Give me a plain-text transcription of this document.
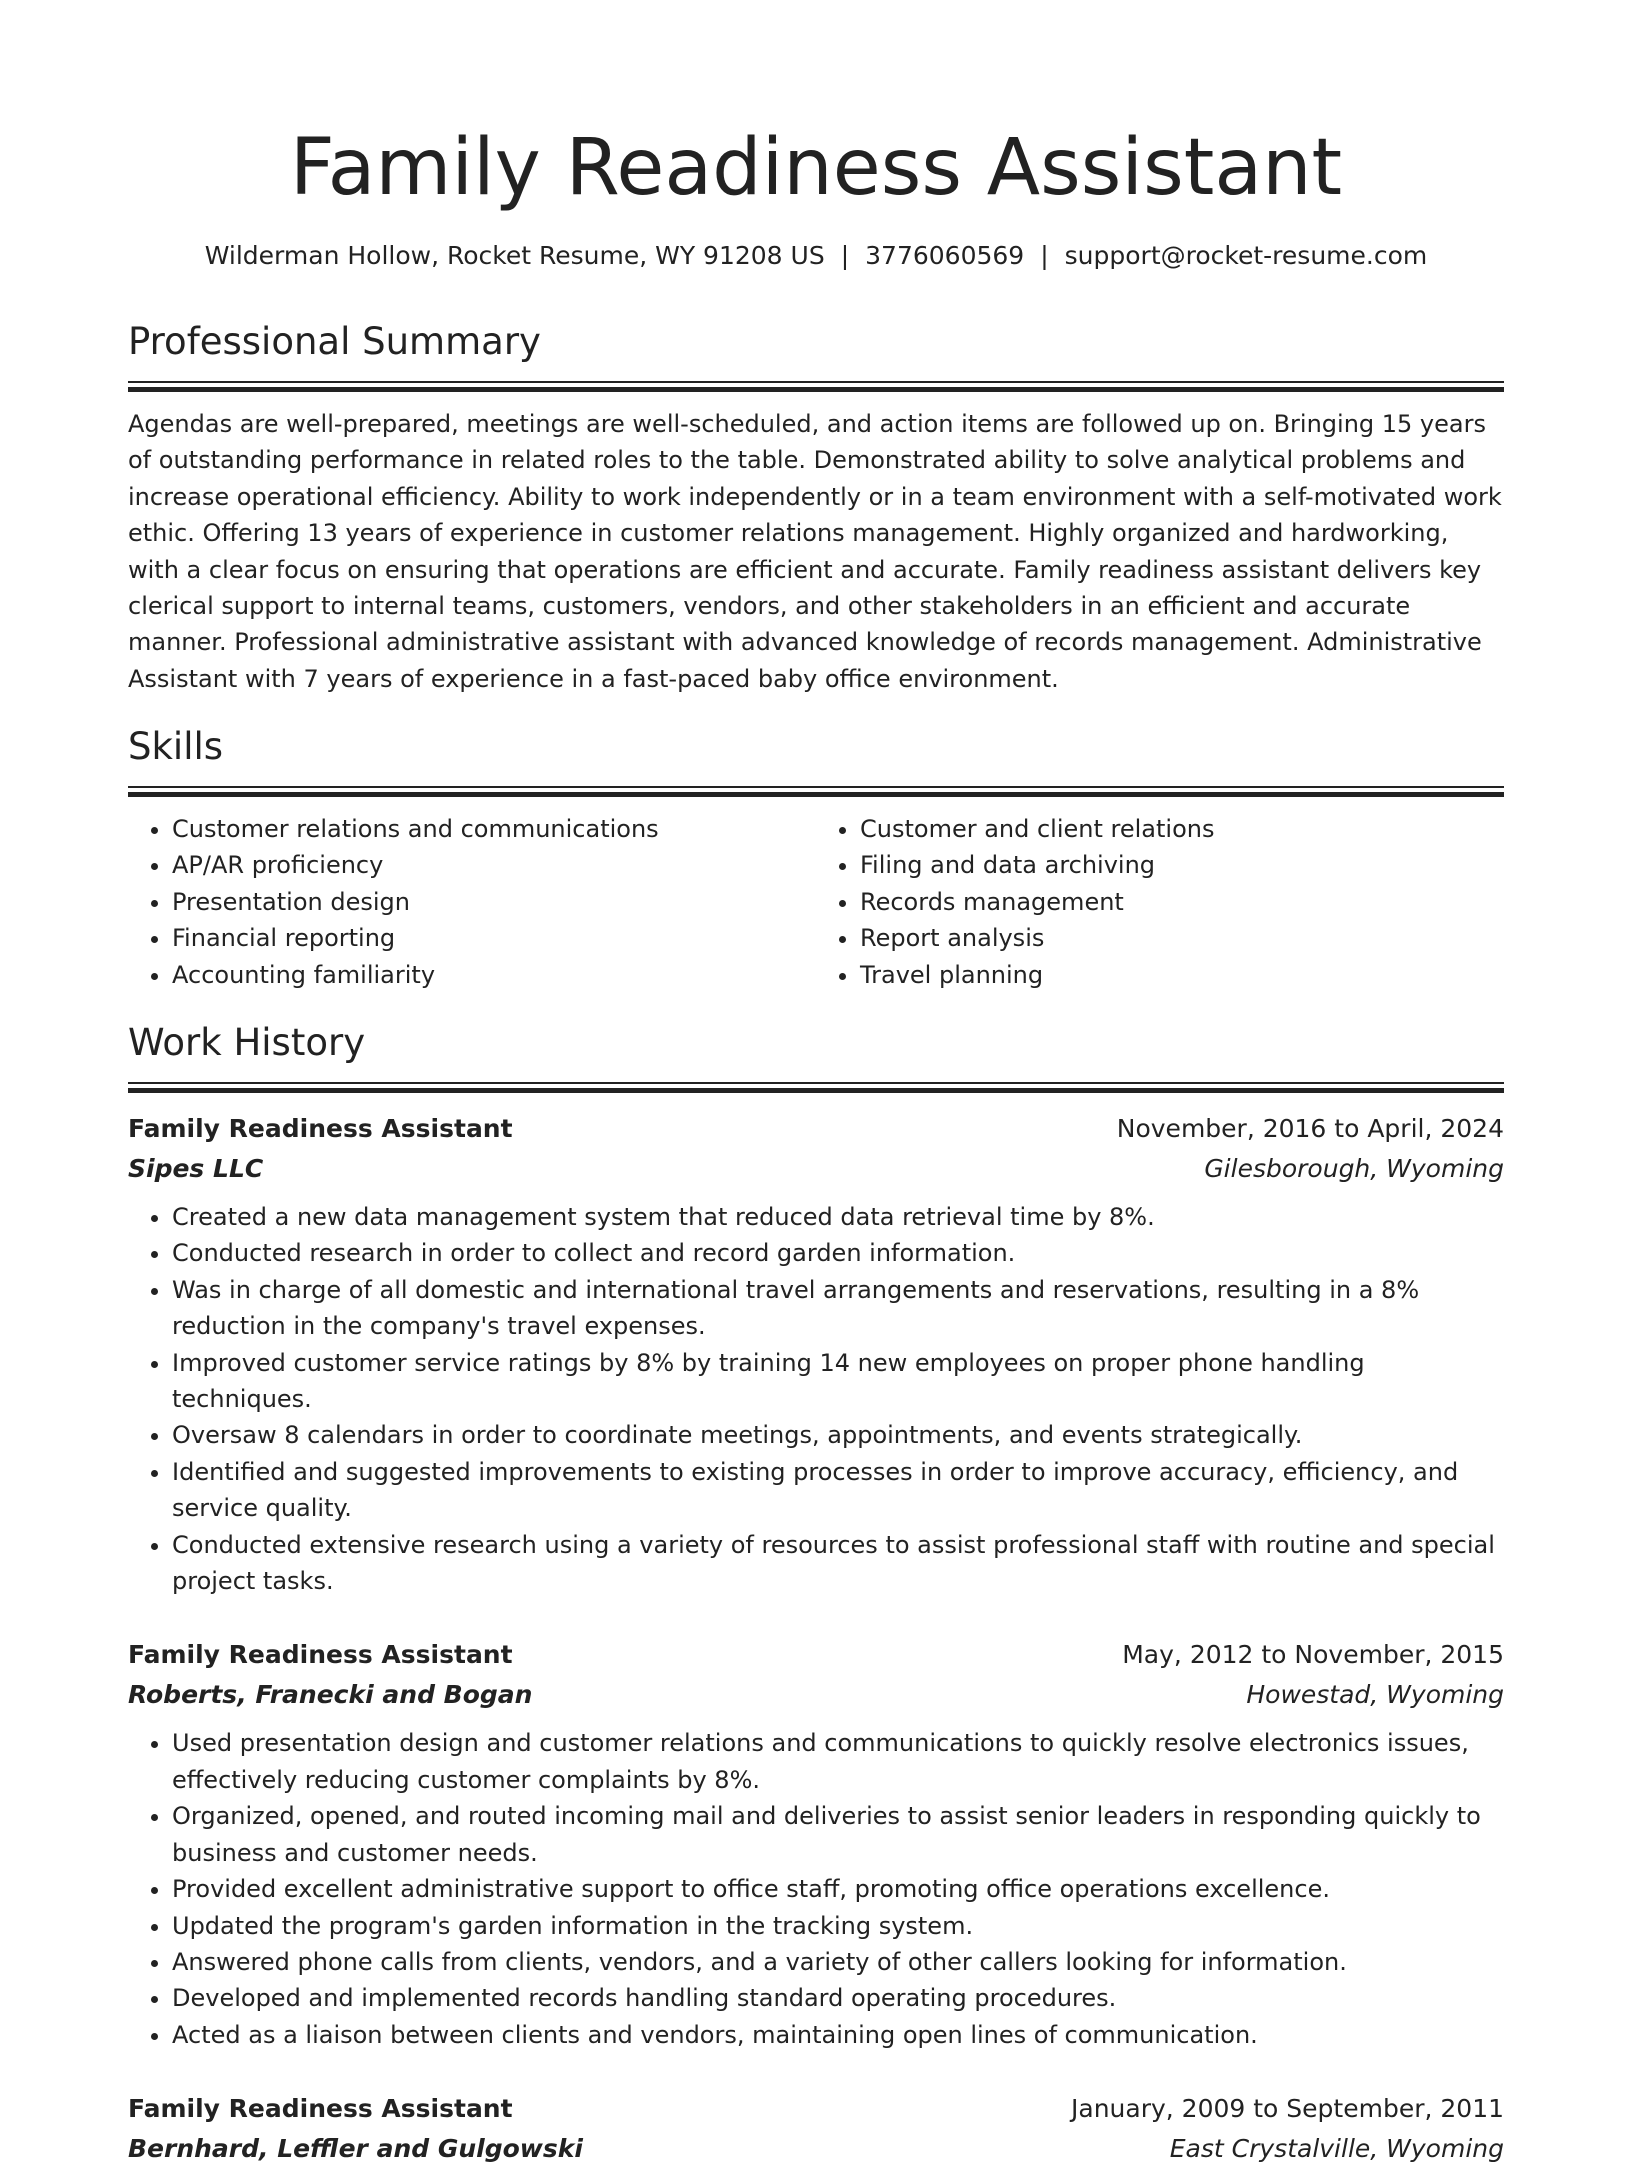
Family Readiness Assistant
Wilderman Hollow, Rocket Resume, WY 91208 US | 3776060569 | support@rocket-resume.com
Professional Summary
Agendas are well-prepared, meetings are well-scheduled, and action items are followed up on. Bringing 15 years of outstanding performance in related roles to the table. Demonstrated ability to solve analytical problems and increase operational efficiency. Ability to work independently or in a team environment with a self-motivated work ethic. Offering 13 years of experience in customer relations management. Highly organized and hardworking, with a clear focus on ensuring that operations are efficient and accurate. Family readiness assistant delivers key clerical support to internal teams, customers, vendors, and other stakeholders in an efficient and accurate manner. Professional administrative assistant with advanced knowledge of records management. Administrative Assistant with 7 years of experience in a fast-paced baby office environment.
Skills
• Customer relations and communications
• AP/AR proficiency
• Presentation design
• Financial reporting
• Accounting familiarity
• Customer and client relations
• Filing and data archiving
• Records management
• Report analysis
• Travel planning
Work History
Family Readiness Assistant	November, 2016 to April, 2024
Sipes LLC	Gilesborough, Wyoming
• Created a new data management system that reduced data retrieval time by 8%.
• Conducted research in order to collect and record garden information.
• Was in charge of all domestic and international travel arrangements and reservations, resulting in a 8% reduction in the company's travel expenses.
• Improved customer service ratings by 8% by training 14 new employees on proper phone handling techniques.
• Oversaw 8 calendars in order to coordinate meetings, appointments, and events strategically.
• Identified and suggested improvements to existing processes in order to improve accuracy, efficiency, and service quality.
• Conducted extensive research using a variety of resources to assist professional staff with routine and special project tasks.
Family Readiness Assistant	May, 2012 to November, 2015
Roberts, Franecki and Bogan	Howestad, Wyoming
• Used presentation design and customer relations and communications to quickly resolve electronics issues, effectively reducing customer complaints by 8%.
• Organized, opened, and routed incoming mail and deliveries to assist senior leaders in responding quickly to business and customer needs.
• Provided excellent administrative support to office staff, promoting office operations excellence.
• Updated the program's garden information in the tracking system.
• Answered phone calls from clients, vendors, and a variety of other callers looking for information.
• Developed and implemented records handling standard operating procedures.
• Acted as a liaison between clients and vendors, maintaining open lines of communication.
Family Readiness Assistant	January, 2009 to September, 2011
Bernhard, Leffler and Gulgowski	East Crystalville, Wyoming
